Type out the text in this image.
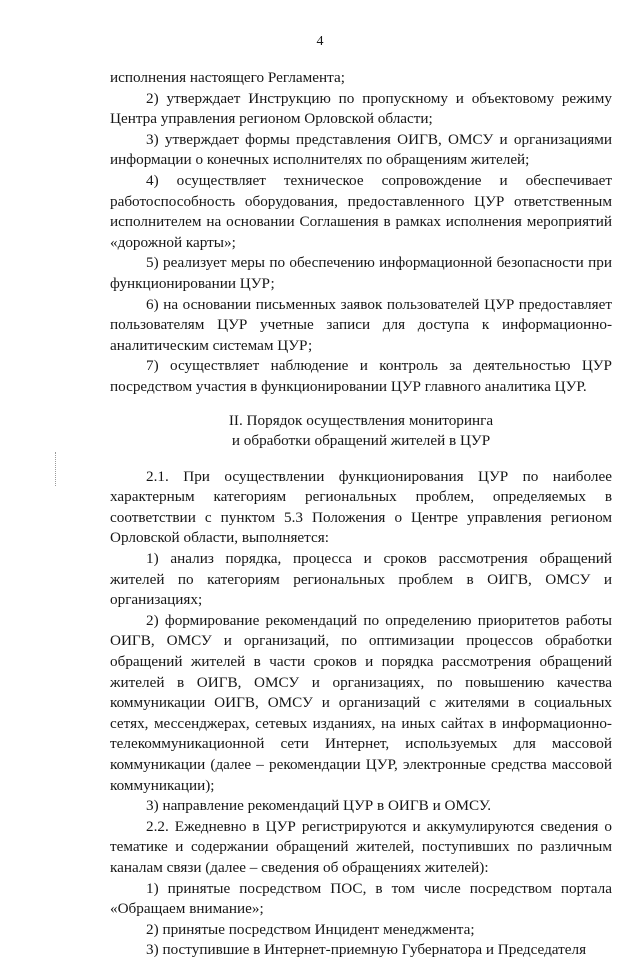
4

исполнения настоящего Регламента;

2) утверждает Инструкцию по пропускному и объектовому режиму Центра управления регионом Орловской области;

3) утверждает формы представления ОИГВ, ОМСУ и организациями информации о конечных исполнителях по обращениям жителей;

4) осуществляет техническое сопровождение и обеспечивает работоспособность оборудования, предоставленного ЦУР ответственным исполнителем на основании Соглашения в рамках исполнения мероприятий «дорожной карты»;

5) реализует меры по обеспечению информационной безопасности при функционировании ЦУР;

6) на основании письменных заявок пользователей ЦУР предоставляет пользователям ЦУР учетные записи для доступа к информационно-аналитическим системам ЦУР;

7) осуществляет наблюдение и контроль за деятельностью ЦУР посредством участия в функционировании ЦУР главного аналитика ЦУР.

II. Порядок осуществления мониторинга
и обработки обращений жителей в ЦУР

2.1. При осуществлении функционирования ЦУР по наиболее характерным категориям региональных проблем, определяемых в соответствии с пунктом 5.3 Положения о Центре управления регионом Орловской области, выполняется:

1) анализ порядка, процесса и сроков рассмотрения обращений жителей по категориям региональных проблем в ОИГВ, ОМСУ и организациях;

2) формирование рекомендаций по определению приоритетов работы ОИГВ, ОМСУ и организаций, по оптимизации процессов обработки обращений жителей в части сроков и порядка рассмотрения обращений жителей в ОИГВ, ОМСУ и организациях, по повышению качества коммуникации ОИГВ, ОМСУ и организаций с жителями в социальных сетях, мессенджерах, сетевых изданиях, на иных сайтах в информационно-телекоммуникационной сети Интернет, используемых для массовой коммуникации (далее – рекомендации ЦУР, электронные средства массовой коммуникации);

3) направление рекомендаций ЦУР в ОИГВ и ОМСУ.

2.2. Ежедневно в ЦУР регистрируются и аккумулируются сведения о тематике и содержании обращений жителей, поступивших по различным каналам связи (далее – сведения об обращениях жителей):

1) принятые посредством ПОС, в том числе посредством портала «Обращаем внимание»;

2) принятые посредством Инцидент менеджмента;

3) поступившие в Интернет-приемную Губернатора и Председателя
